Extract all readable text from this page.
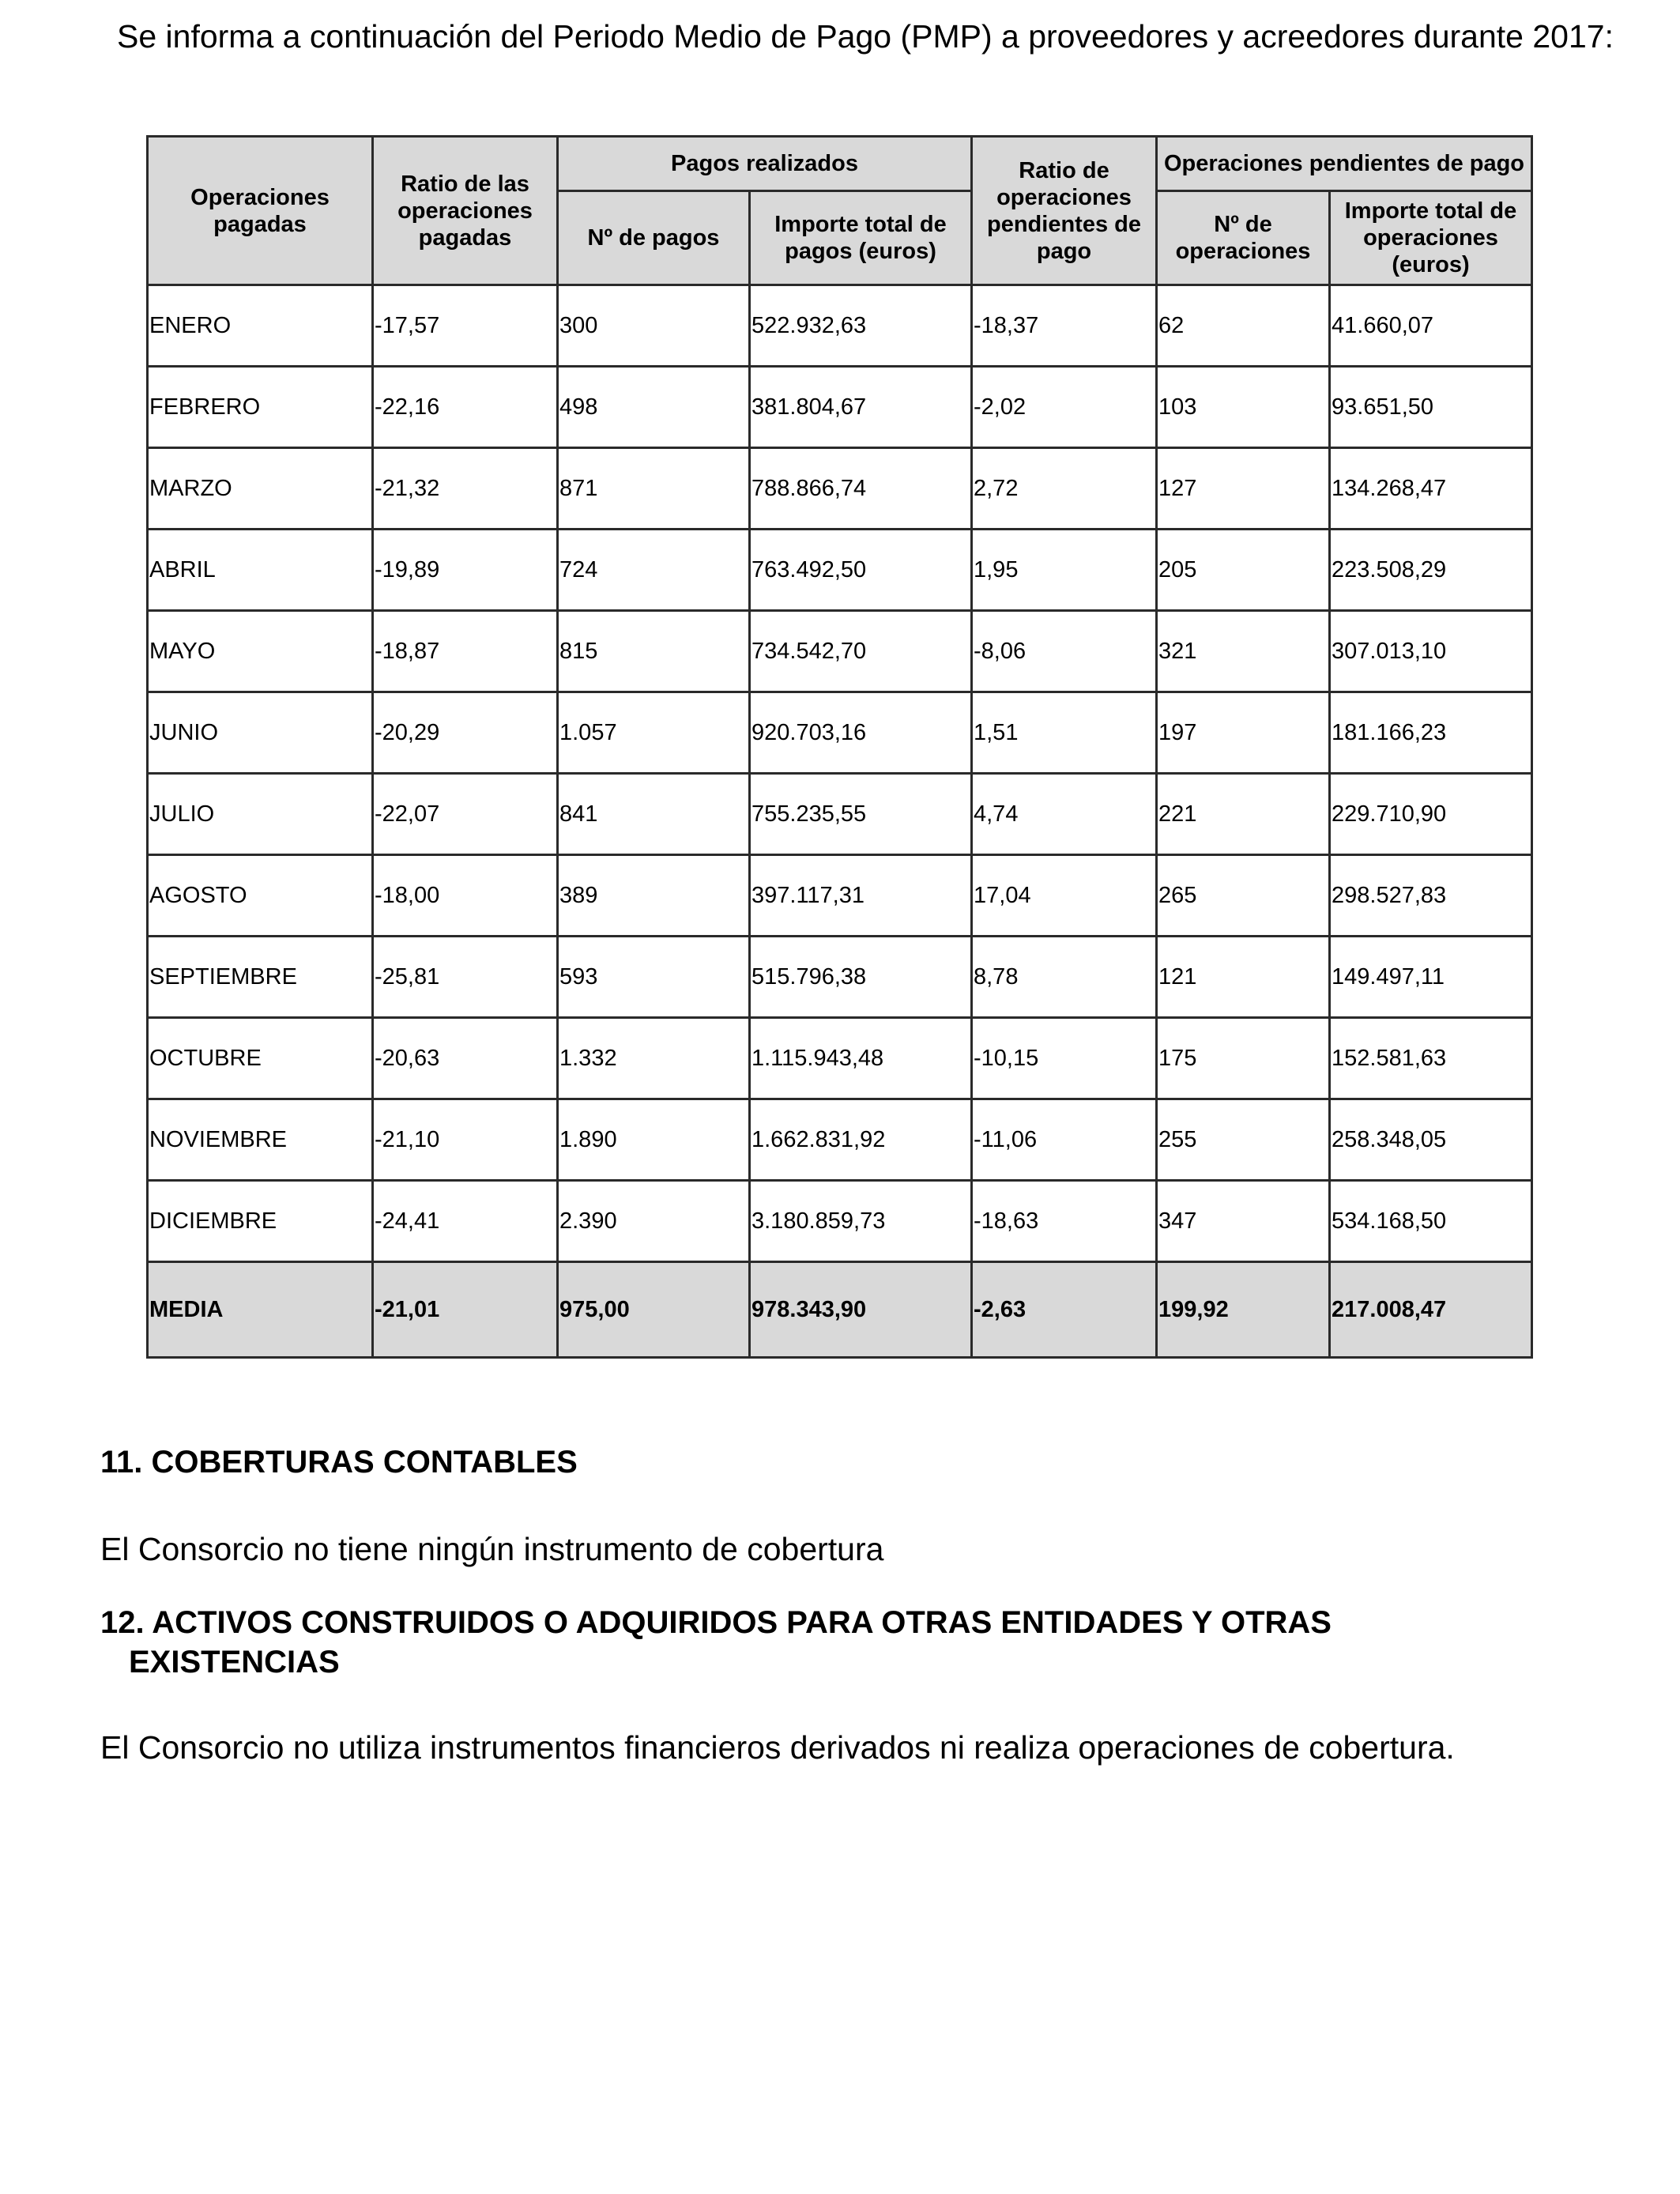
Se informa a continuación del Periodo Medio de Pago (PMP) a proveedores y acreedores durante 2017:
Operaciones pagadas	Ratio de las operaciones pagadas	Pagos realizados		Ratio de operaciones pendientes de pago	Operaciones pendientes de pago	
		Nº de pagos	Importe total de pagos (euros)		Nº de operaciones	Importe total de operaciones (euros)
ENERO	-17,57	300	522.932,63	-18,37	62	41.660,07
FEBRERO	-22,16	498	381.804,67	-2,02	103	93.651,50
MARZO	-21,32	871	788.866,74	2,72	127	134.268,47
ABRIL	-19,89	724	763.492,50	1,95	205	223.508,29
MAYO	-18,87	815	734.542,70	-8,06	321	307.013,10
JUNIO	-20,29	1.057	920.703,16	1,51	197	181.166,23
JULIO	-22,07	841	755.235,55	4,74	221	229.710,90
AGOSTO	-18,00	389	397.117,31	17,04	265	298.527,83
SEPTIEMBRE	-25,81	593	515.796,38	8,78	121	149.497,11
OCTUBRE	-20,63	1.332	1.115.943,48	-10,15	175	152.581,63
NOVIEMBRE	-21,10	1.890	1.662.831,92	-11,06	255	258.348,05
DICIEMBRE	-24,41	2.390	3.180.859,73	-18,63	347	534.168,50
MEDIA	-21,01	975,00	978.343,90	-2,63	199,92	217.008,47
11. COBERTURAS CONTABLES
El Consorcio no tiene ningún instrumento de cobertura
12. ACTIVOS CONSTRUIDOS O ADQUIRIDOS PARA OTRAS ENTIDADES Y OTRAS
EXISTENCIAS
El Consorcio no utiliza instrumentos financieros derivados ni realiza operaciones de cobertura.
